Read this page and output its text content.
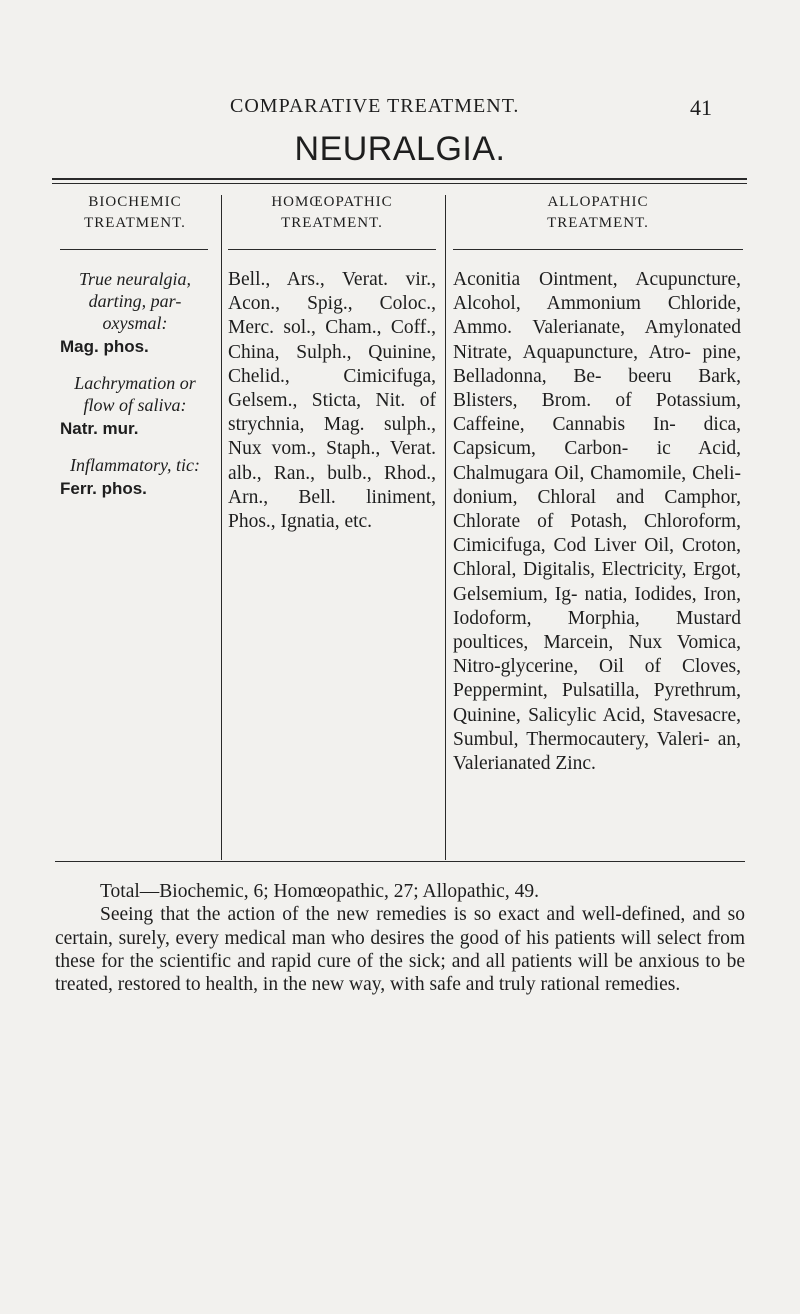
COMPARATIVE TREATMENT.	41
NEURALGIA.
BIOCHEMIC
TREATMENT.
HOMŒOPATHIC
TREATMENT.
ALLOPATHIC
TREATMENT.
True neuralgia, darting, par- oxysmal:
Mag. phos.
Lachrymation or flow of saliva:
Natr. mur.
Inflammatory, tic:
Ferr. phos.
Bell., Ars., Verat. vir., Acon., Spig., Coloc., Merc. sol., Cham., Coff., China, Sulph., Quinine, Chelid., Cimicifuga, Gelsem., Sticta, Nit. of strychnia, Mag. sulph., Nux vom., Staph., Verat. alb., Ran., bulb., Rhod., Arn., Bell. liniment, Phos., Ignatia, etc.
Aconitia Ointment, Acupuncture, Alcohol, Ammonium Chloride, Ammo. Valerianate, Amylonated Nitrate, Aquapuncture, Atro- pine, Belladonna, Be- beeru Bark, Blisters, Brom. of Potassium, Caffeine, Cannabis In- dica, Capsicum, Carbon- ic Acid, Chalmugara Oil, Chamomile, Cheli- donium, Chloral and Camphor, Chlorate of Potash, Chloroform, Cimicifuga, Cod Liver Oil, Croton, Chloral, Digitalis, Electricity, Ergot, Gelsemium, Ig- natia, Iodides, Iron, Iodoform, Morphia, Mustard poultices, Marcein, Nux Vomica, Nitro-glycerine, Oil of Cloves, Peppermint, Pulsatilla, Pyrethrum, Quinine, Salicylic Acid, Stavesacre, Sumbul, Thermocautery, Valeri- an, Valerianated Zinc.

Total—Biochemic, 6; Homœopathic, 27; Allopathic, 49.

Seeing that the action of the new remedies is so exact and well-defined, and so certain, surely, every medical man who desires the good of his patients will select from these for the scientific and rapid cure of the sick; and all patients will be anxious to be treated, restored to health, in the new way, with safe and truly rational remedies.
